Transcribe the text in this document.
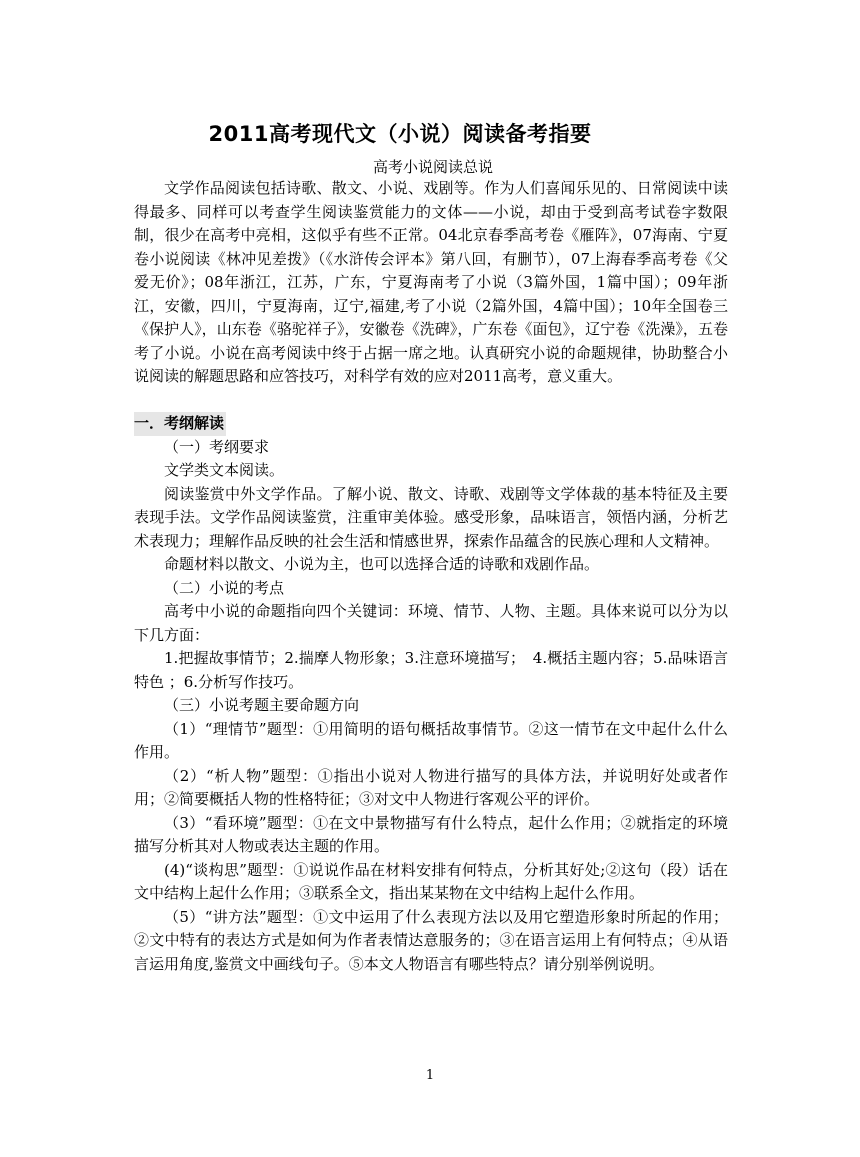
2011高考现代文（小说）阅读备考指要
高考小说阅读总说

文学作品阅读包括诗歌、散文、小说、戏剧等。作为人们喜闻乐见的、日常阅读中读得最多、同样可以考查学生阅读鉴赏能力的文体——小说，却由于受到高考试卷字数限制，很少在高考中亮相，这似乎有些不正常。04北京春季高考卷《雁阵》，07海南、宁夏卷小说阅读《林冲见差拨》（《水浒传会评本》第八回，有删节），07上海春季高考卷《父爱无价》；08年浙江，江苏，广东，宁夏海南考了小说（3篇外国，1篇中国）；09年浙江，安徽，四川，宁夏海南，辽宁,福建,考了小说（2篇外国，4篇中国）；10年全国卷三《保护人》，山东卷《骆驼祥子》，安徽卷《洗碑》，广东卷《面包》，辽宁卷《洗澡》，五卷考了小说。小说在高考阅读中终于占据一席之地。认真研究小说的命题规律，协助整合小说阅读的解题思路和应答技巧，对科学有效的应对2011高考，意义重大。

一．考纲解读

（一）考纲要求

文学类文本阅读。

阅读鉴赏中外文学作品。了解小说、散文、诗歌、戏剧等文学体裁的基本特征及主要表现手法。文学作品阅读鉴赏，注重审美体验。感受形象，品味语言，领悟内涵，分析艺术表现力；理解作品反映的社会生活和情感世界，探索作品蕴含的民族心理和人文精神。

命题材料以散文、小说为主，也可以选择合适的诗歌和戏剧作品。

（二）小说的考点

高考中小说的命题指向四个关键词：环境、情节、人物、主题。具体来说可以分为以下几方面：

1.把握故事情节；2.揣摩人物形象；3.注意环境描写；　4.概括主题内容；5.品味语言特色 ；6.分析写作技巧。

（三）小说考题主要命题方向

（1）“理情节”题型：①用简明的语句概括故事情节。②这一情节在文中起什么什么作用。

（2）“析人物”题型：①指出小说对人物进行描写的具体方法，并说明好处或者作用；②简要概括人物的性格特征；③对文中人物进行客观公平的评价。

（3）“看环境”题型：①在文中景物描写有什么特点，起什么作用；②就指定的环境描写分析其对人物或表达主题的作用。

(4)“谈构思”题型：①说说作品在材料安排有何特点，分析其好处;②这句（段）话在文中结构上起什么作用；③联系全文，指出某某物在文中结构上起什么作用。

（5）“讲方法”题型：①文中运用了什么表现方法以及用它塑造形象时所起的作用；②文中特有的表达方式是如何为作者表情达意服务的；③在语言运用上有何特点；④从语言运用角度,鉴赏文中画线句子。⑤本文人物语言有哪些特点？请分别举例说明。

1
